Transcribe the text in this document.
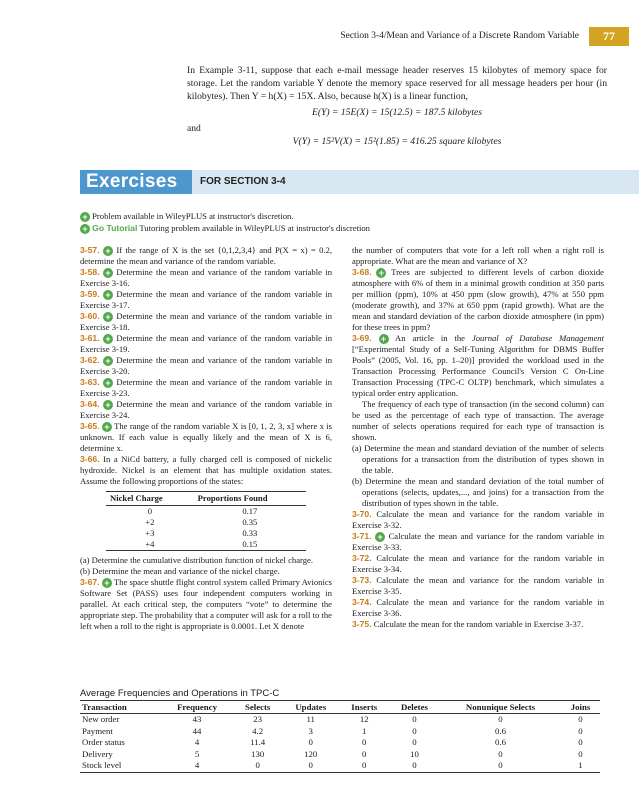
Section 3-4/Mean and Variance of a Discrete Random Variable	77

In Example 3-11, suppose that each e-mail message header reserves 15 kilobytes of memory space for storage. Let the random variable Y denote the memory space reserved for all message headers per hour (in kilobytes). Then Y = h(X) = 15X. Also, because h(X) is a linear function,

E(Y) = 15E(X) = 15(12.5) = 187.5 kilobytes

and

V(Y) = 15²V(X) = 15²(1.85) = 416.25 square kilobytes

Exercises	FOR SECTION 3-4
+ Problem available in WileyPLUS at instructor's discretion.
+ Go Tutorial Tutoring problem available in WileyPLUS at instructor's discretion

3-57. + If the range of X is the set {0,1,2,3,4} and P(X = x) = 0.2, determine the mean and variance of the random variable.

3-58. + Determine the mean and variance of the random variable in Exercise 3-16.

3-59. + Determine the mean and variance of the random variable in Exercise 3-17.

3-60. + Determine the mean and variance of the random variable in Exercise 3-18.

3-61. + Determine the mean and variance of the random variable in Exercise 3-19.

3-62. + Determine the mean and variance of the random variable in Exercise 3-20.

3-63. + Determine the mean and variance of the random variable in Exercise 3-23.

3-64. + Determine the mean and variance of the random variable in Exercise 3-24.

3-65. + The range of the random variable X is [0, 1, 2, 3, x] where x is unknown. If each value is equally likely and the mean of X is 6, determine x.

3-66. In a NiCd battery, a fully charged cell is composed of nickelic hydroxide. Nickel is an element that has multiple oxidation states. Assume the following proportions of the states:

Nickel Charge	Proportions Found
0	0.17
+2	0.35
+3	0.33
+4	0.15

(a) Determine the cumulative distribution function of nickel charge.

(b) Determine the mean and variance of the nickel charge.

3-67. + The space shuttle flight control system called Primary Avionics Software Set (PASS) uses four independent computers working in parallel. At each critical step, the computers “vote” to determine the appropriate step. The probability that a computer will ask for a roll to the left when a roll to the right is appropriate is 0.0001. Let X denote

the number of computers that vote for a left roll when a right roll is appropriate. What are the mean and variance of X?

3-68. + Trees are subjected to different levels of carbon dioxide atmosphere with 6% of them in a minimal growth condition at 350 parts per million (ppm), 10% at 450 ppm (slow growth), 47% at 550 ppm (moderate growth), and 37% at 650 ppm (rapid growth). What are the mean and standard deviation of the carbon dioxide atmosphere (in ppm) for these trees in ppm?

3-69. + An article in the Journal of Database Management [“Experimental Study of a Self-Tuning Algorithm for DBMS Buffer Pools” (2005, Vol. 16, pp. 1–20)] provided the workload used in the Transaction Processing Performance Council's Version C On-Line Transaction Processing (TPC-C OLTP) benchmark, which simulates a typical order entry application.

The frequency of each type of transaction (in the second column) can be used as the percentage of each type of transaction. The average number of selects operations required for each type of transaction is shown.

(a) Determine the mean and standard deviation of the number of selects operations for a transaction from the distribution of types shown in the table.

(b) Determine the mean and standard deviation of the total number of operations (selects, updates,..., and joins) for a transaction from the distribution of types shown in the table.

3-70. Calculate the mean and variance for the random variable in Exercise 3-32.

3-71. + Calculate the mean and variance for the random variable in Exercise 3-33.

3-72. Calculate the mean and variance for the random variable in Exercise 3-34.

3-73. Calculate the mean and variance for the random variable in Exercise 3-35.

3-74. Calculate the mean and variance for the random variable in Exercise 3-36.

3-75. Calculate the mean for the random variable in Exercise 3-37.

Average Frequencies and Operations in TPC-C
Transaction	Frequency	Selects	Updates	Inserts	Deletes	Nonunique Selects	Joins
New order	43	23	11	12	0	0	0
Payment	44	4.2	3	1	0	0.6	0
Order status	4	11.4	0	0	0	0.6	0
Delivery	5	130	120	0	10	0	0
Stock level	4	0	0	0	0	0	1
